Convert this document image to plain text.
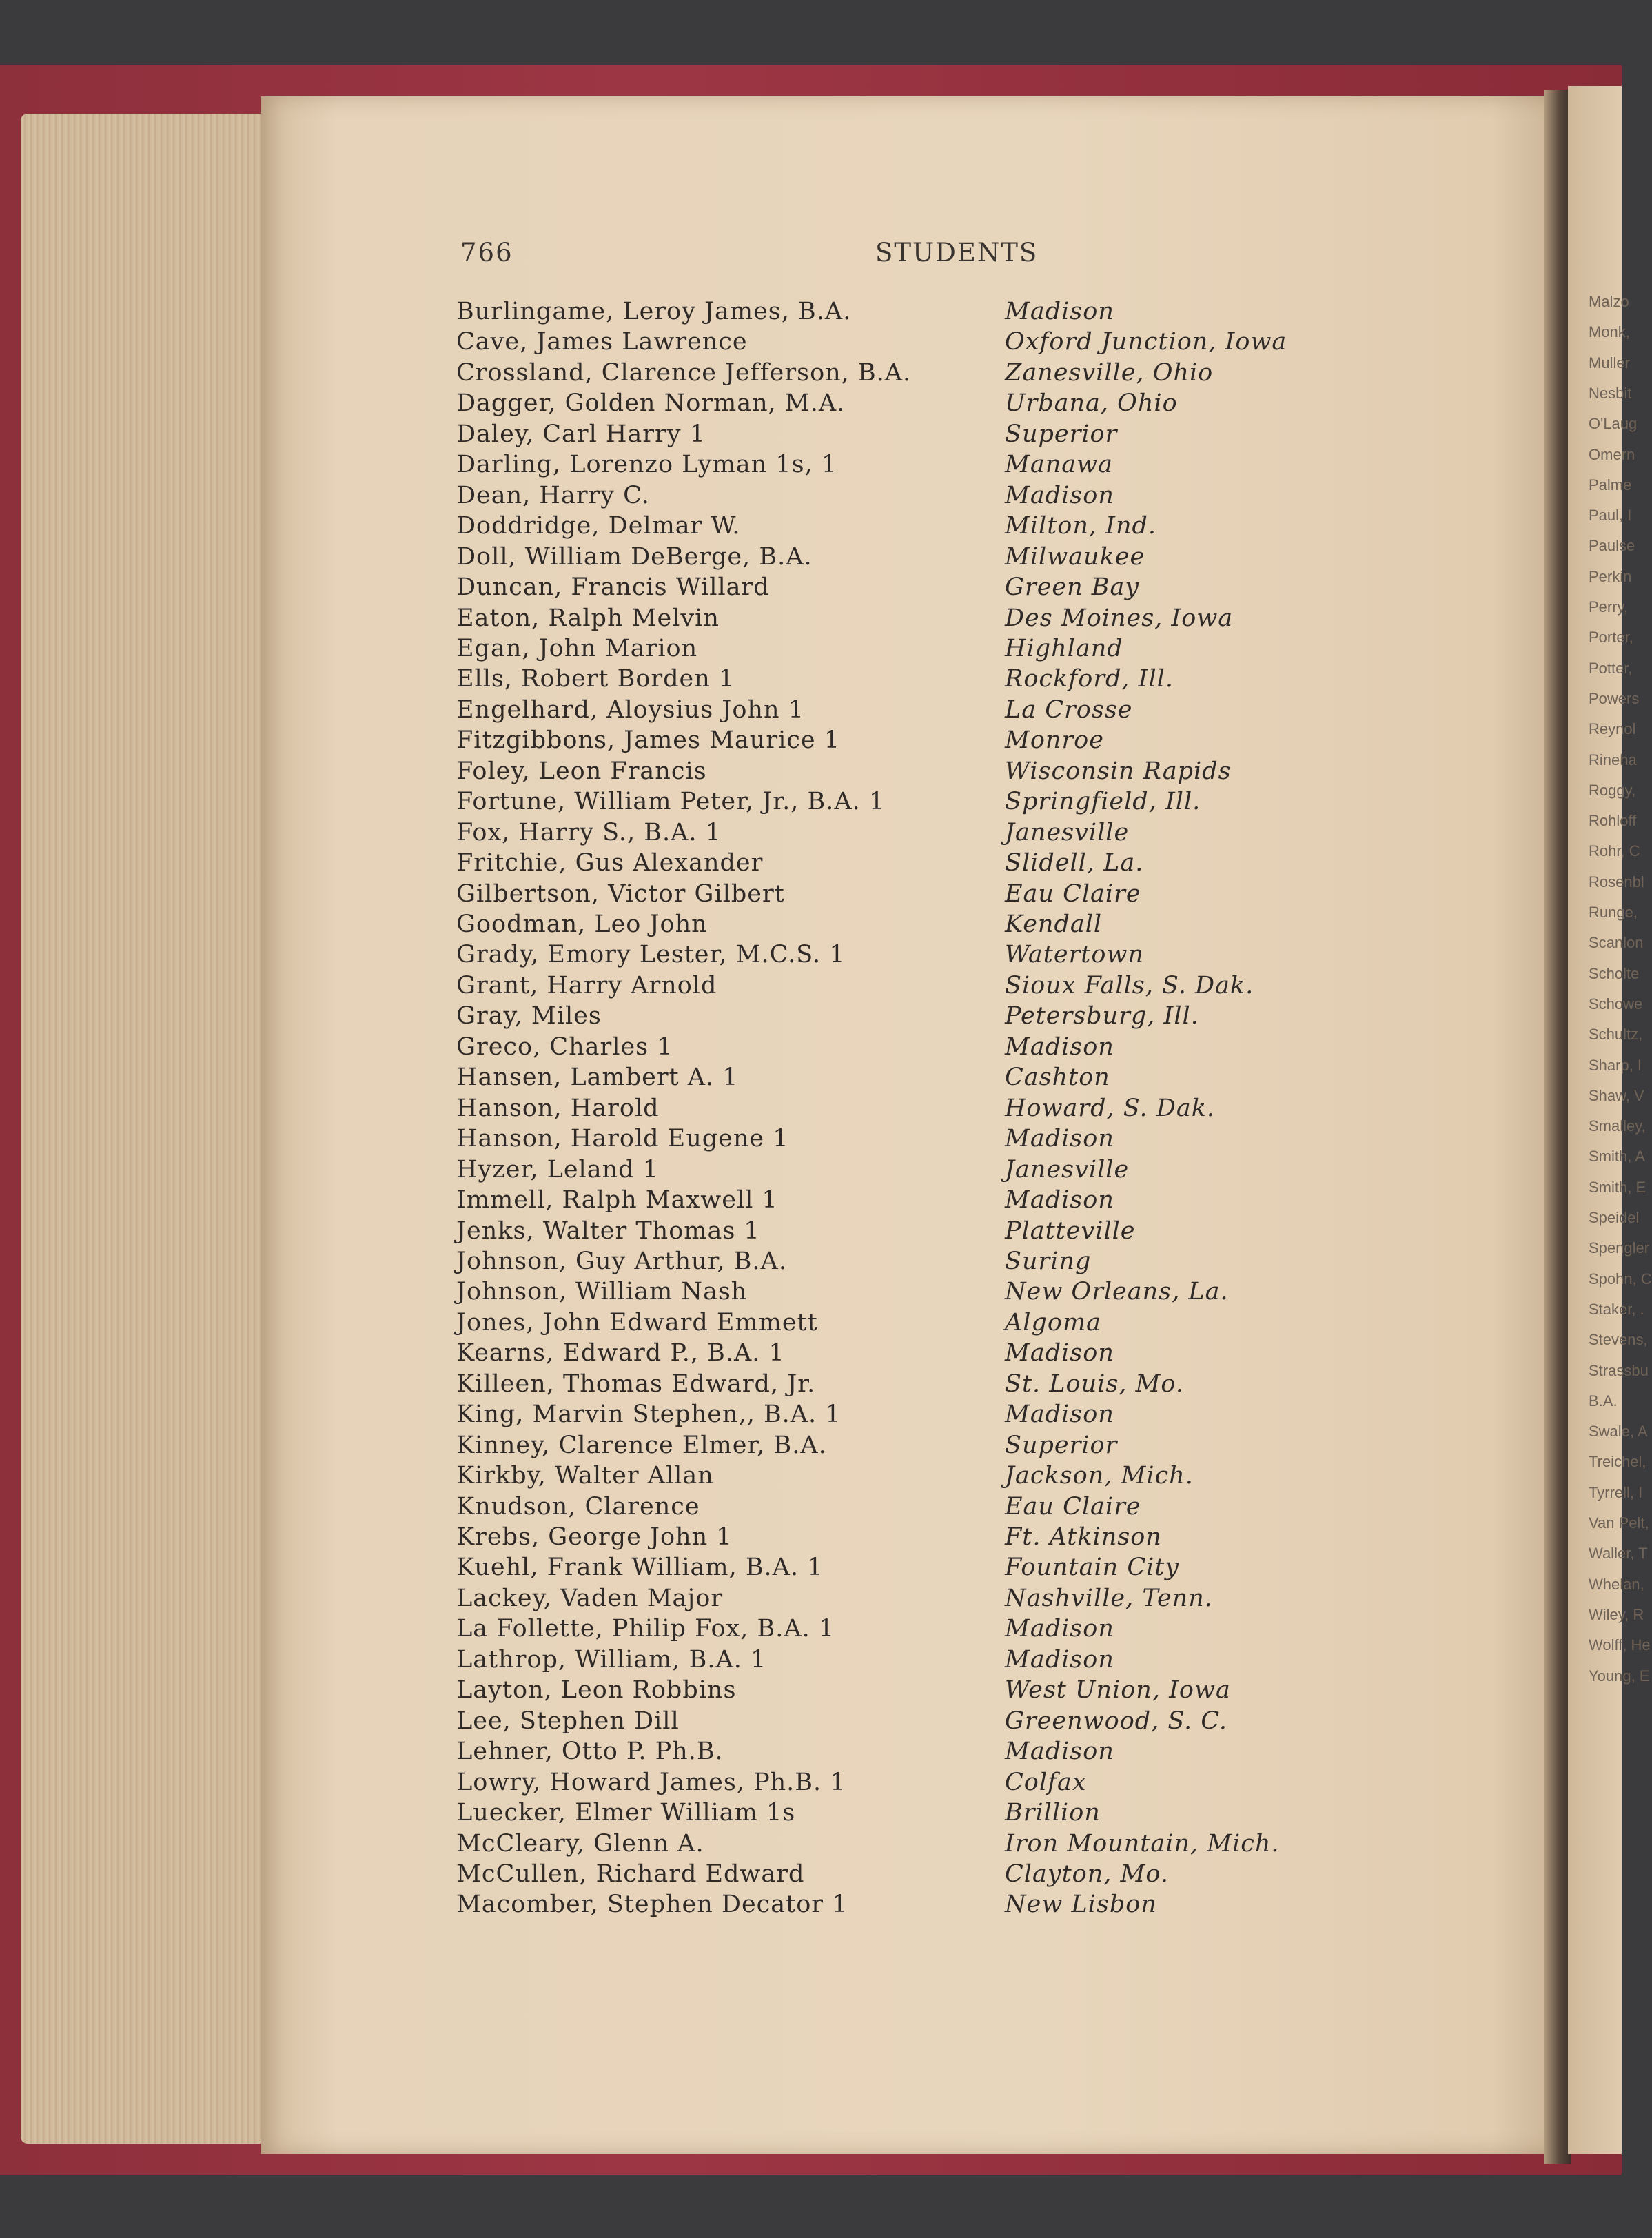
Malzo
Monk,
Muller
Nesbit
O'Laug
Omern
Palme
Paul, I
Paulse
Perkin
Perry,
Porter,
Potter,
Powers
Reynol
Rineha
Roggy,
Rohloff
Rohr, C
Rosenbl
Runge,
Scanlon
Scholte
Schowe
Schultz,
Sharp, I
Shaw, V
Smalley,
Smith, A
Smith, E
Speidel
Spengler
Spohn, C
Staker, .
Stevens,
Strassbu
B.A.
Swale, A
Treichel,
Tyrrell, I
Van Pelt,
Waller, T
Whelan,
Wiley, R
Wolff, He
Young, E
766	STUDENTS
Burlingame, Leroy James, B.A.	Madison
Cave, James Lawrence	Oxford Junction, Iowa
Crossland, Clarence Jefferson, B.A.	Zanesville, Ohio
Dagger, Golden Norman, M.A.	Urbana, Ohio
Daley, Carl Harry 1	Superior
Darling, Lorenzo Lyman 1s, 1	Manawa
Dean, Harry C.	Madison
Doddridge, Delmar W.	Milton, Ind.
Doll, William DeBerge, B.A.	Milwaukee
Duncan, Francis Willard	Green Bay
Eaton, Ralph Melvin	Des Moines, Iowa
Egan, John Marion	Highland
Ells, Robert Borden 1	Rockford, Ill.
Engelhard, Aloysius John 1	La Crosse
Fitzgibbons, James Maurice 1	Monroe
Foley, Leon Francis	Wisconsin Rapids
Fortune, William Peter, Jr., B.A. 1	Springfield, Ill.
Fox, Harry S., B.A. 1	Janesville
Fritchie, Gus Alexander	Slidell, La.
Gilbertson, Victor Gilbert	Eau Claire
Goodman, Leo John	Kendall
Grady, Emory Lester, M.C.S. 1	Watertown
Grant, Harry Arnold	Sioux Falls, S. Dak.
Gray, Miles	Petersburg, Ill.
Greco, Charles 1	Madison
Hansen, Lambert A. 1	Cashton
Hanson, Harold	Howard, S. Dak.
Hanson, Harold Eugene 1	Madison
Hyzer, Leland 1	Janesville
Immell, Ralph Maxwell 1	Madison
Jenks, Walter Thomas 1	Platteville
Johnson, Guy Arthur, B.A.	Suring
Johnson, William Nash	New Orleans, La.
Jones, John Edward Emmett	Algoma
Kearns, Edward P., B.A. 1	Madison
Killeen, Thomas Edward, Jr.	St. Louis, Mo.
King, Marvin Stephen,, B.A. 1	Madison
Kinney, Clarence Elmer, B.A.	Superior
Kirkby, Walter Allan	Jackson, Mich.
Knudson, Clarence	Eau Claire
Krebs, George John 1	Ft. Atkinson
Kuehl, Frank William, B.A. 1	Fountain City
Lackey, Vaden Major	Nashville, Tenn.
La Follette, Philip Fox, B.A. 1	Madison
Lathrop, William, B.A. 1	Madison
Layton, Leon Robbins	West Union, Iowa
Lee, Stephen Dill	Greenwood, S. C.
Lehner, Otto P. Ph.B.	Madison
Lowry, Howard James, Ph.B. 1	Colfax
Luecker, Elmer William 1s	Brillion
McCleary, Glenn A.	Iron Mountain, Mich.
McCullen, Richard Edward	Clayton, Mo.
Macomber, Stephen Decator 1	New Lisbon
